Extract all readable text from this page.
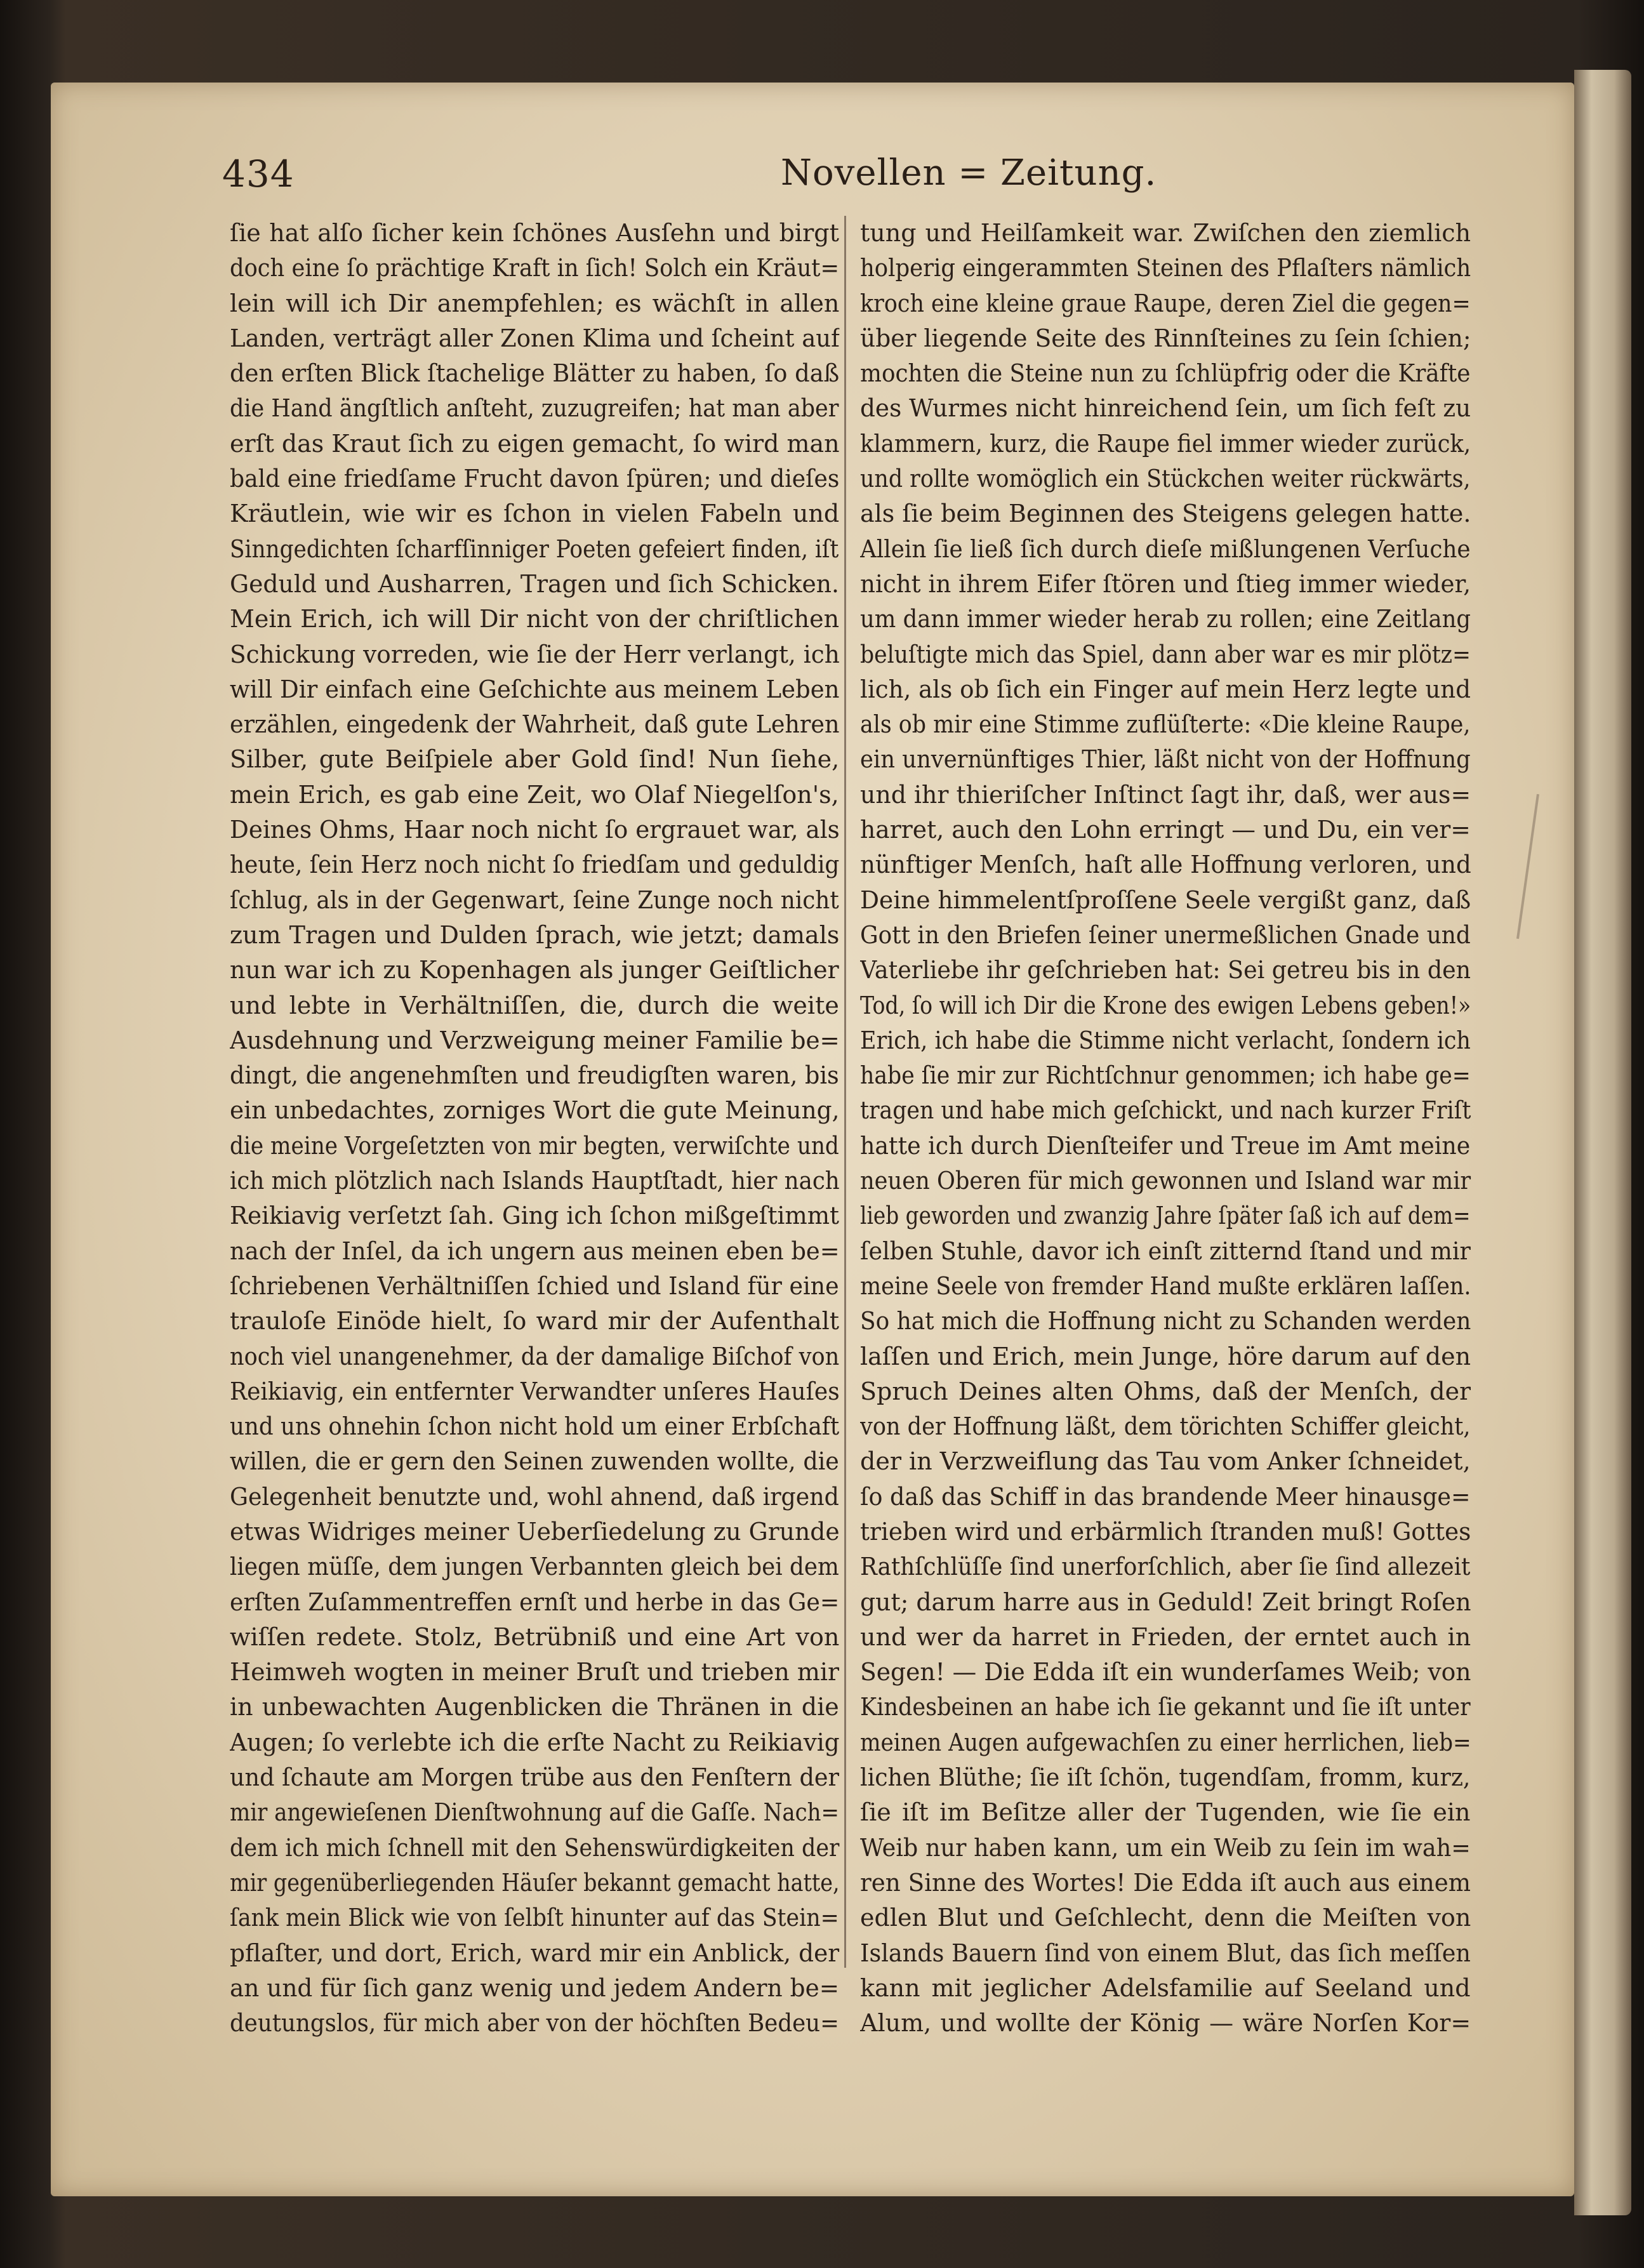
434	Novellen = Zeitung.
ſie hat alſo ſicher kein ſchönes Ausſehn und birgt
doch eine ſo prächtige Kraft in ſich! Solch ein Kräut=
lein will ich Dir anempfehlen; es wächſt in allen
Landen, verträgt aller Zonen Klima und ſcheint auf
den erſten Blick ſtachelige Blätter zu haben, ſo daß
die Hand ängſtlich anſteht, zuzugreifen; hat man aber
erſt das Kraut ſich zu eigen gemacht, ſo wird man
bald eine friedſame Frucht davon ſpüren; und dieſes
Kräutlein, wie wir es ſchon in vielen Fabeln und
Sinngedichten ſcharfſinniger Poeten gefeiert finden, iſt
Geduld und Ausharren, Tragen und ſich Schicken.
Mein Erich, ich will Dir nicht von der chriſtlichen
Schickung vorreden, wie ſie der Herr verlangt, ich
will Dir einfach eine Geſchichte aus meinem Leben
erzählen, eingedenk der Wahrheit, daß gute Lehren
Silber, gute Beiſpiele aber Gold ſind! Nun ſiehe,
mein Erich, es gab eine Zeit, wo Olaf Niegelſon's,
Deines Ohms, Haar noch nicht ſo ergrauet war, als
heute, ſein Herz noch nicht ſo friedſam und geduldig
ſchlug, als in der Gegenwart, ſeine Zunge noch nicht
zum Tragen und Dulden ſprach, wie jetzt; damals
nun war ich zu Kopenhagen als junger Geiſtlicher
und lebte in Verhältniſſen, die, durch die weite
Ausdehnung und Verzweigung meiner Familie be=
dingt, die angenehmſten und freudigſten waren, bis
ein unbedachtes, zorniges Wort die gute Meinung,
die meine Vorgeſetzten von mir begten, verwiſchte und
ich mich plötzlich nach Islands Hauptſtadt, hier nach
Reikiavig verſetzt ſah. Ging ich ſchon mißgeſtimmt
nach der Inſel, da ich ungern aus meinen eben be=
ſchriebenen Verhältniſſen ſchied und Island für eine
trauloſe Einöde hielt, ſo ward mir der Aufenthalt
noch viel unangenehmer, da der damalige Biſchof von
Reikiavig, ein entfernter Verwandter unſeres Hauſes
und uns ohnehin ſchon nicht hold um einer Erbſchaft
willen, die er gern den Seinen zuwenden wollte, die
Gelegenheit benutzte und, wohl ahnend, daß irgend
etwas Widriges meiner Ueberſiedelung zu Grunde
liegen müſſe, dem jungen Verbannten gleich bei dem
erſten Zuſammentreffen ernſt und herbe in das Ge=
wiſſen redete. Stolz, Betrübniß und eine Art von
Heimweh wogten in meiner Bruſt und trieben mir
in unbewachten Augenblicken die Thränen in die
Augen; ſo verlebte ich die erſte Nacht zu Reikiavig
und ſchaute am Morgen trübe aus den Fenſtern der
mir angewieſenen Dienſtwohnung auf die Gaſſe. Nach=
dem ich mich ſchnell mit den Sehenswürdigkeiten der
mir gegenüberliegenden Häuſer bekannt gemacht hatte,
ſank mein Blick wie von ſelbſt hinunter auf das Stein=
pflaſter, und dort, Erich, ward mir ein Anblick, der
an und für ſich ganz wenig und jedem Andern be=
deutungslos, für mich aber von der höchſten Bedeu=
tung und Heilſamkeit war. Zwiſchen den ziemlich
holperig eingerammten Steinen des Pflaſters nämlich
kroch eine kleine graue Raupe, deren Ziel die gegen=
über liegende Seite des Rinnſteines zu ſein ſchien;
mochten die Steine nun zu ſchlüpfrig oder die Kräfte
des Wurmes nicht hinreichend ſein, um ſich feſt zu
klammern, kurz, die Raupe fiel immer wieder zurück,
und rollte womöglich ein Stückchen weiter rückwärts,
als ſie beim Beginnen des Steigens gelegen hatte.
Allein ſie ließ ſich durch dieſe mißlungenen Verſuche
nicht in ihrem Eifer ſtören und ſtieg immer wieder,
um dann immer wieder herab zu rollen; eine Zeitlang
beluſtigte mich das Spiel, dann aber war es mir plötz=
lich, als ob ſich ein Finger auf mein Herz legte und
als ob mir eine Stimme zuflüſterte: «Die kleine Raupe,
ein unvernünftiges Thier, läßt nicht von der Hoffnung
und ihr thieriſcher Inſtinct ſagt ihr, daß, wer aus=
harret, auch den Lohn erringt — und Du, ein ver=
nünftiger Menſch, haſt alle Hoffnung verloren, und
Deine himmelentſproſſene Seele vergißt ganz, daß
Gott in den Briefen ſeiner unermeßlichen Gnade und
Vaterliebe ihr geſchrieben hat: Sei getreu bis in den
Tod, ſo will ich Dir die Krone des ewigen Lebens geben!»
Erich, ich habe die Stimme nicht verlacht, ſondern ich
habe ſie mir zur Richtſchnur genommen; ich habe ge=
tragen und habe mich geſchickt, und nach kurzer Friſt
hatte ich durch Dienſteifer und Treue im Amt meine
neuen Oberen für mich gewonnen und Island war mir
lieb geworden und zwanzig Jahre ſpäter ſaß ich auf dem=
ſelben Stuhle, davor ich einſt zitternd ſtand und mir
meine Seele von fremder Hand mußte erklären laſſen.
So hat mich die Hoffnung nicht zu Schanden werden
laſſen und Erich, mein Junge, höre darum auf den
Spruch Deines alten Ohms, daß der Menſch, der
von der Hoffnung läßt, dem törichten Schiffer gleicht,
der in Verzweiflung das Tau vom Anker ſchneidet,
ſo daß das Schiff in das brandende Meer hinausge=
trieben wird und erbärmlich ſtranden muß! Gottes
Rathſchlüſſe ſind unerforſchlich, aber ſie ſind allezeit
gut; darum harre aus in Geduld! Zeit bringt Roſen
und wer da harret in Frieden, der erntet auch in
Segen! — Die Edda iſt ein wunderſames Weib; von
Kindesbeinen an habe ich ſie gekannt und ſie iſt unter
meinen Augen aufgewachſen zu einer herrlichen, lieb=
lichen Blüthe; ſie iſt ſchön, tugendſam, fromm, kurz,
ſie iſt im Beſitze aller der Tugenden, wie ſie ein
Weib nur haben kann, um ein Weib zu ſein im wah=
ren Sinne des Wortes! Die Edda iſt auch aus einem
edlen Blut und Geſchlecht, denn die Meiſten von
Islands Bauern ſind von einem Blut, das ſich meſſen
kann mit jeglicher Adelsfamilie auf Seeland und
Alum, und wollte der König — wäre Norſen Kor=
